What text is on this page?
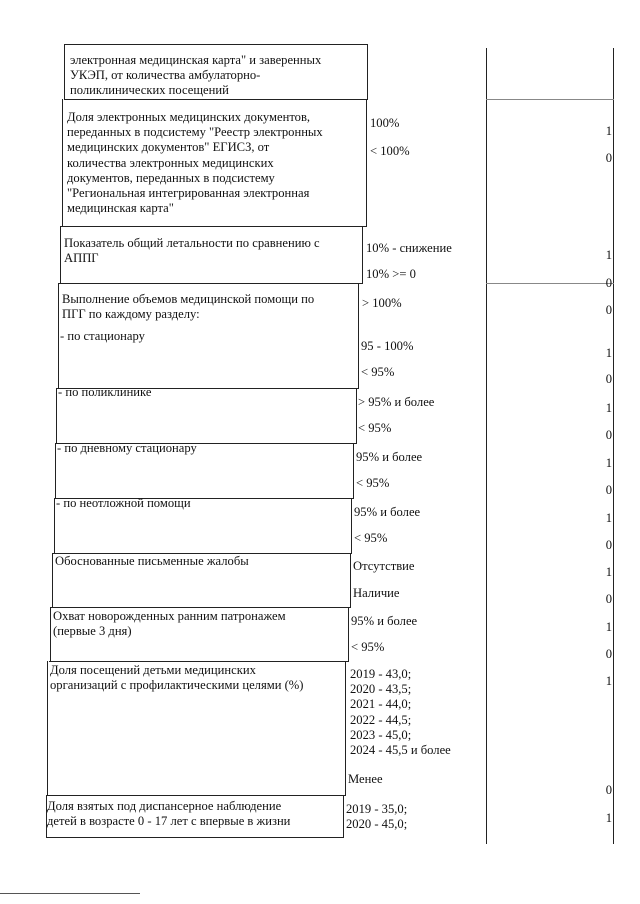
электронная медицинская карта" и заверенных
УКЭП, от количества амбулаторно-
поликлинических посещений
Доля электронных медицинских документов,
переданных в подсистему "Реестр электронных
медицинских документов" ЕГИСЗ, от
количества электронных медицинских
документов, переданных в подсистему
"Региональная интегрированная электронная
медицинская карта"
100%
< 100%
1
0
Показатель общий летальности по сравнению с
АППГ
10% - снижение
10% >= 0
1
0
Выполнение объемов медицинской помощи по
ПГГ по каждому разделу:
- по стационару
> 100%
95 - 100%
< 95%
0
1
0
- по поликлинике
> 95% и более
< 95%
1
0
- по дневному стационару
95% и более
< 95%
1
0
- по неотложной помощи
95% и более
< 95%
1
0
Обоснованные письменные жалобы	Отсутствие
Наличие
1
0
Охват новорожденных ранним патронажем
(первые 3 дня)
95% и более
< 95%
1
0
Доля посещений детьми медицинских
организаций с профилактическими целями (%)
2019 - 43,0;
2020 - 43,5;
2021 - 44,0;
2022 - 44,5;
2023 - 45,0;
2024 - 45,5 и более
Менее
1
0
Доля взятых под диспансерное наблюдение
детей в возрасте 0 - 17 лет с впервые в жизни
2019 - 35,0;
2020 - 45,0;	1
